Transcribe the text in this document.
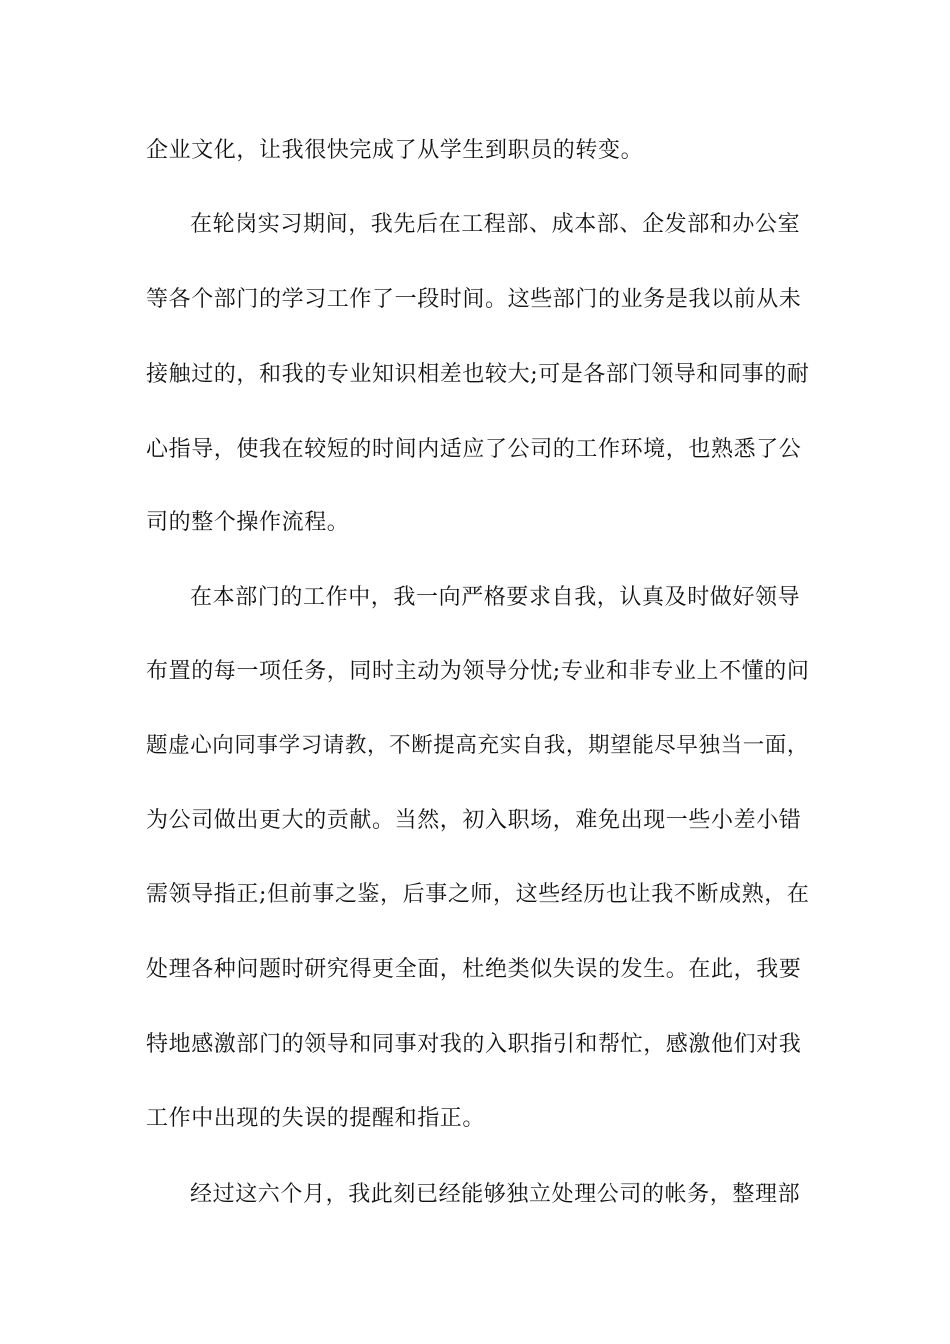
企业文化，让我很快完成了从学生到职员的转变。
在轮岗实习期间，我先后在工程部、成本部、企发部和办公室
等各个部门的学习工作了一段时间。这些部门的业务是我以前从未
接触过的，和我的专业知识相差也较大;可是各部门领导和同事的耐
心指导，使我在较短的时间内适应了公司的工作环境，也熟悉了公
司的整个操作流程。
在本部门的工作中，我一向严格要求自我，认真及时做好领导
布置的每一项任务，同时主动为领导分忧;专业和非专业上不懂的问
题虚心向同事学习请教，不断提高充实自我，期望能尽早独当一面，
为公司做出更大的贡献。当然，初入职场，难免出现一些小差小错
需领导指正;但前事之鉴，后事之师，这些经历也让我不断成熟，在
处理各种问题时研究得更全面，杜绝类似失误的发生。在此，我要
特地感激部门的领导和同事对我的入职指引和帮忙，感激他们对我
工作中出现的失误的提醒和指正。
经过这六个月，我此刻已经能够独立处理公司的帐务，整理部
